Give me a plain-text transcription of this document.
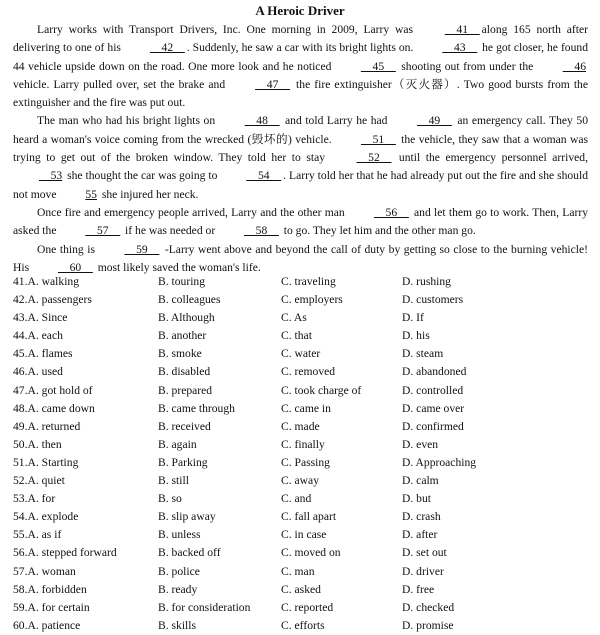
A Heroic Driver

Larry works with Transport Drivers, Inc. One morning in 2009, Larry was __41__ along 165 north after delivering to one of his __42__ . Suddenly, he saw a car with its bright lights on. __43__ he got closer, he found 44 vehicle upside down on the road. One more look and he noticed __45__ shooting out from under the __46 vehicle. Larry pulled over, set the brake and __47__ the fire extinguisher（灭火器）. Two good bursts from the extinguisher and the fire was put out.

The man who had his bright lights on __48__ and told Larry he had __49__ an emergency call. They 50 heard a woman's voice coming from the wrecked (毁坏的) vehicle. __51__ the vehicle, they saw that a woman was trying to get out of the broken window. They told her to stay __52__ until the emergency personnel arrived, __53 she thought the car was going to __54__ . Larry told her that he had already put out the fire and she should not move 55 she injured her neck.

Once fire and emergency people arrived, Larry and the other man __56__ and let them go to work. Then, Larry asked the __57__ if he was needed or __58__ to go. They let him and the other man go.

One thing is __59__ -Larry went above and beyond the call of duty by getting so close to the burning vehicle! His __60__ most likely saved the woman's life.

41.A. walking	B. touring	C. traveling	D. rushing
42.A. passengers	B. colleagues	C. employers	D. customers
43.A. Since	B. Although	C. As	D. If
44.A. each	B. another	C. that	D. his
45.A. flames	B. smoke	C. water	D. steam
46.A. used	B. disabled	C. removed	D. abandoned
47.A. got hold of	B. prepared	C. took charge of	D. controlled
48.A. came down	B. came through	C. came in	D. came over
49.A. returned	B. received	C. made	D. confirmed
50.A. then	B. again	C. finally	D. even
51.A. Starting	B. Parking	C. Passing	D. Approaching
52.A. quiet	B. still	C. away	D. calm
53.A. for	B. so	C. and	D. but
54.A. explode	B. slip away	C. fall apart	D. crash
55.A. as if	B. unless	C. in case	D. after
56.A. stepped forward	B. backed off	C. moved on	D. set out
57.A. woman	B. police	C. man	D. driver
58.A. forbidden	B. ready	C. asked	D. free
59.A. for certain	B. for consideration	C. reported	D. checked
60.A. patience	B. skills	C. efforts	D. promise
